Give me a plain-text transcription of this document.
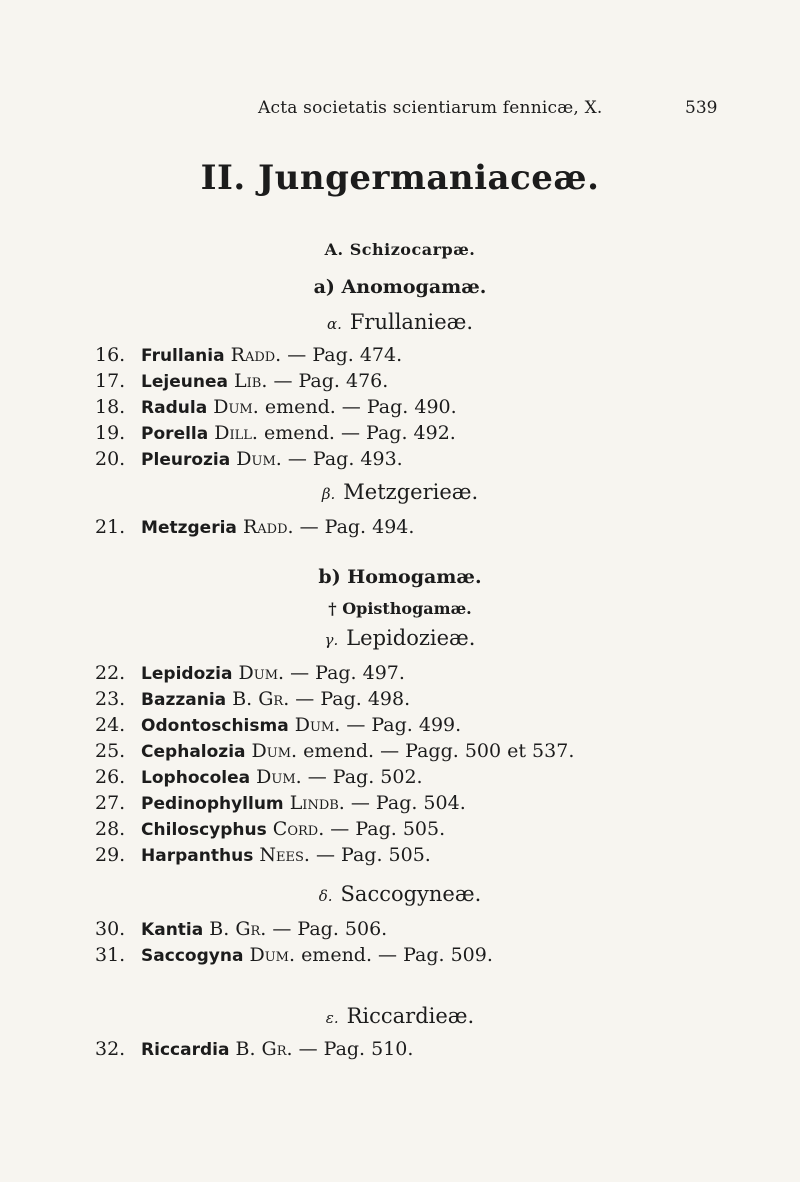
Acta societatis scientiarum fennicæ, X.	539
II. Jungermaniaceæ.
A. Schizocarpæ.
a) Anomogamæ.
α. Frullanieæ.
16. Frullania Radd. — Pag. 474.
17. Lejeunea Lib. — Pag. 476.
18. Radula Dum. emend. — Pag. 490.
19. Porella Dill. emend. — Pag. 492.
20. Pleurozia Dum. — Pag. 493.
β. Metzgerieæ.
21. Metzgeria Radd. — Pag. 494.
b) Homogamæ.
† Opisthogamæ.
γ. Lepidozieæ.
22. Lepidozia Dum. — Pag. 497.
23. Bazzania B. Gr. — Pag. 498.
24. Odontoschisma Dum. — Pag. 499.
25. Cephalozia Dum. emend. — Pagg. 500 et 537.
26. Lophocolea Dum. — Pag. 502.
27. Pedinophyllum Lindb. — Pag. 504.
28. Chiloscyphus Cord. — Pag. 505.
29. Harpanthus Nees. — Pag. 505.
δ. Saccogyneæ.
30. Kantia B. Gr. — Pag. 506.
31. Saccogyna Dum. emend. — Pag. 509.
ε. Riccardieæ.
32. Riccardia B. Gr. — Pag. 510.
